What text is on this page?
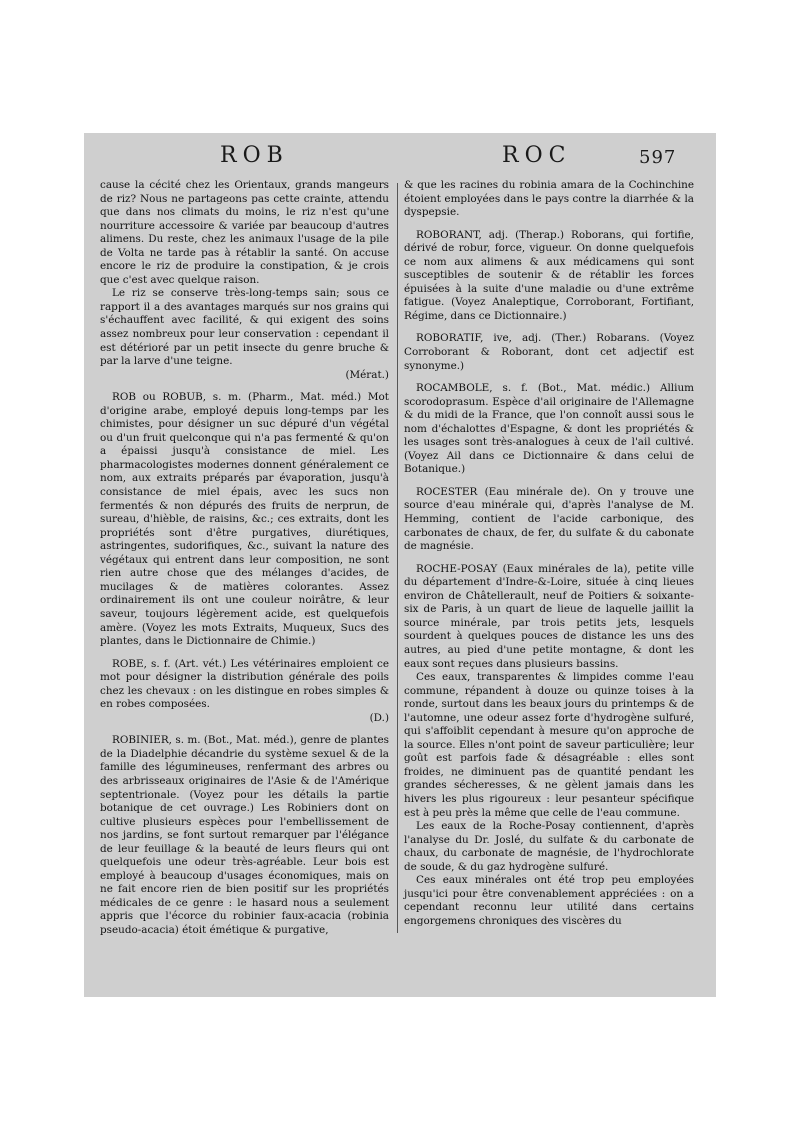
ROB	ROC	597

cause la cécité chez les Orientaux, grands mangeurs de riz? Nous ne partageons pas cette crainte, attendu que dans nos climats du moins, le riz n'est qu'une nourriture accessoire & variée par beaucoup d'autres alimens. Du reste, chez les animaux l'usage de la pile de Volta ne tarde pas à rétablir la santé. On accuse encore le riz de produire la constipation, & je crois que c'est avec quelque raison.

Le riz se conserve très-long-temps sain; sous ce rapport il a des avantages marqués sur nos grains qui s'échauffent avec facilité, & qui exigent des soins assez nombreux pour leur conservation : cependant il est détérioré par un petit insecte du genre bruche & par la larve d'une teigne.

(Mérat.)

ROB ou ROBUB, s. m. (Pharm., Mat. méd.) Mot d'origine arabe, employé depuis long-temps par les chimistes, pour désigner un suc dépuré d'un végétal ou d'un fruit quelconque qui n'a pas fermenté & qu'on a épaissi jusqu'à consistance de miel. Les pharmacologistes modernes donnent généralement ce nom, aux extraits préparés par évaporation, jusqu'à consistance de miel épais, avec les sucs non fermentés & non dépurés des fruits de nerprun, de sureau, d'hièble, de raisins, &c.; ces extraits, dont les propriétés sont d'être purgatives, diurétiques, astringentes, sudorifiques, &c., suivant la nature des végétaux qui entrent dans leur composition, ne sont rien autre chose que des mélanges d'acides, de mucilages & de matières colorantes. Assez ordinairement ils ont une couleur noirâtre, & leur saveur, toujours légèrement acide, est quelquefois amère. (Voyez les mots Extraits, Muqueux, Sucs des plantes, dans le Dictionnaire de Chimie.)

ROBE, s. f. (Art. vét.) Les vétérinaires emploient ce mot pour désigner la distribution générale des poils chez les chevaux : on les distingue en robes simples & en robes composées.

(D.)

ROBINIER, s. m. (Bot., Mat. méd.), genre de plantes de la Diadelphie décandrie du système sexuel & de la famille des légumineuses, renfermant des arbres ou des arbrisseaux originaires de l'Asie & de l'Amérique septentrionale. (Voyez pour les détails la partie botanique de cet ouvrage.) Les Robiniers dont on cultive plusieurs espèces pour l'embellissement de nos jardins, se font surtout remarquer par l'élégance de leur feuillage & la beauté de leurs fleurs qui ont quelquefois une odeur très-agréable. Leur bois est employé à beaucoup d'usages économiques, mais on ne fait encore rien de bien positif sur les propriétés médicales de ce genre : le hasard nous a seulement appris que l'écorce du robinier faux-acacia (robinia pseudo-acacia) étoit émétique & purgative,

& que les racines du robinia amara de la Cochinchine étoient employées dans le pays contre la diarrhée & la dyspepsie.

ROBORANT, adj. (Therap.) Roborans, qui fortifie, dérivé de robur, force, vigueur. On donne quelquefois ce nom aux alimens & aux médicamens qui sont susceptibles de soutenir & de rétablir les forces épuisées à la suite d'une maladie ou d'une extrême fatigue. (Voyez Analeptique, Corroborant, Fortifiant, Régime, dans ce Dictionnaire.)

ROBORATIF, ive, adj. (Ther.) Robarans. (Voyez Corroborant & Roborant, dont cet adjectif est synonyme.)

ROCAMBOLE, s. f. (Bot., Mat. médic.) Allium scorodoprasum. Espèce d'ail originaire de l'Allemagne & du midi de la France, que l'on connoît aussi sous le nom d'échalottes d'Espagne, & dont les propriétés & les usages sont très-analogues à ceux de l'ail cultivé. (Voyez Ail dans ce Dictionnaire & dans celui de Botanique.)

ROCESTER (Eau minérale de). On y trouve une source d'eau minérale qui, d'après l'analyse de M. Hemming, contient de l'acide carbonique, des carbonates de chaux, de fer, du sulfate & du cabonate de magnésie.

ROCHE-POSAY (Eaux minérales de la), petite ville du département d'Indre-&-Loire, située à cinq lieues environ de Châtellerault, neuf de Poitiers & soixante-six de Paris, à un quart de lieue de laquelle jaillit la source minérale, par trois petits jets, lesquels sourdent à quelques pouces de distance les uns des autres, au pied d'une petite montagne, & dont les eaux sont reçues dans plusieurs bassins.

Ces eaux, transparentes & limpides comme l'eau commune, répandent à douze ou quinze toises à la ronde, surtout dans les beaux jours du printemps & de l'automne, une odeur assez forte d'hydrogène sulfuré, qui s'affoiblit cependant à mesure qu'on approche de la source. Elles n'ont point de saveur particulière; leur goût est parfois fade & désagréable : elles sont froides, ne diminuent pas de quantité pendant les grandes sécheresses, & ne gèlent jamais dans les hivers les plus rigoureux : leur pesanteur spécifique est à peu près la même que celle de l'eau commune.

Les eaux de la Roche-Posay contiennent, d'après l'analyse du Dr. Joslé, du sulfate & du carbonate de chaux, du carbonate de magnésie, de l'hydrochlorate de soude, & du gaz hydrogène sulfuré.

Ces eaux minérales ont été trop peu employées jusqu'ici pour être convenablement appréciées : on a cependant reconnu leur utilité dans certains engorgemens chroniques des viscères du
